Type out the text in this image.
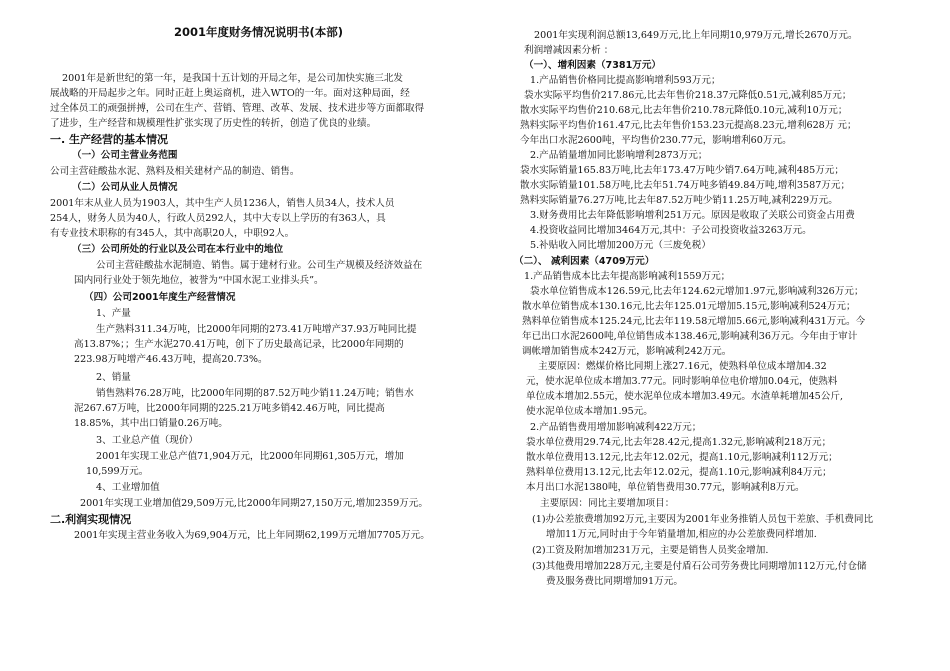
2001年度财务情况说明书(本部)
2001年是新世纪的第一年，是我国十五计划的开局之年，是公司加快实施三北发
展战略的开局起步之年。同时正赶上奥运商机，进入WTO的一年。面对这种局面，经
过全体员工的顽强拼搏，公司在生产、营销、管理、改革、发展、技术进步等方面都取得
了进步，生产经营和规模理性扩张实现了历史性的转折，创造了优良的业绩。
一. 生产经营的基本情况
（一）公司主营业务范围
公司主营硅酸盐水泥、熟料及相关建材产品的制造、销售。
（二）公司从业人员情况
2001年末从业人员为1903人，其中生产人员1236人，销售人员34人，技术人员
254人，财务人员为40人，行政人员292人，其中大专以上学历的有363人，具
有专业技术职称的有345人，其中高职20人，中职92人。
（三）公司所处的行业以及公司在本行业中的地位
公司主营硅酸盐水泥制造、销售。属于建材行业。公司生产规模及经济效益在
国内同行业处于领先地位，被誉为“中国水泥工业排头兵”。
（四）公司2001年度生产经营情况
1、产量
生产熟料311.34万吨，比2000年同期的273.41万吨增产37.93万吨同比提
高13.87%；；生产水泥270.41万吨，创下了历史最高记录，比2000年同期的
223.98万吨增产46.43万吨，提高20.73%。
2、销量
销售熟料76.28万吨，比2000年同期的87.52万吨少销11.24万吨；销售水
泥267.67万吨，比2000年同期的225.21万吨多销42.46万吨，同比提高
18.85%，其中出口销量0.26万吨。
3、工业总产值（现价）
2001年实现工业总产值71,904万元，比2000年同期61,305万元，增加
10,599万元。
4、工业增加值
2001年实现工业增加值29,509万元,比2000年同期27,150万元,增加2359万元。
二.利润实现情况
2001年实现主营业务收入为69,904万元，比上年同期62,199万元增加7705万元。
2001年实现利润总额13,649万元,比上年同期10,979万元,增长2670万元。
利润增减因素分析 ：
（一）、增利因素（7381万元）
1.产品销售价格同比提高影响增利593万元；
袋水实际平均售价217.86元,比去年售价218.37元降低0.51元,减利85万元；
散水实际平均售价210.68元,比去年售价210.78元降低0.10元,减利10万元；
熟料实际平均售价161.47元,比去年售价153.23元提高8.23元,增利628万 元；
今年出口水泥2600吨，平均售价230.77元，影响增利60万元。
2.产品销量增加同比影响增利2873万元；
袋水实际销量165.83万吨,比去年173.47万吨少销7.64万吨,减利485万元；
散水实际销量101.58万吨,比去年51.74万吨多销49.84万吨,增利3587万元；
熟料实际销量76.27万吨,比去年87.52万吨少销11.25万吨,减利229万元。
3.财务费用比去年降低影响增利251万元。原因是收取了关联公司资金占用费
4.投资收益同比增加3464万元,其中：子公司投资收益3263万元。
5.补贴收入同比增加200万元（三废免税）
（二）、 减利因素（4709万元）
1.产品销售成本比去年提高影响减利1559万元；
袋水单位销售成本126.59元,比去年124.62元增加1.97元,影响减利326万元；
散水单位销售成本130.16元,比去年125.01元增加5.15元,影响减利524万元；
熟料单位销售成本125.24元,比去年119.58元增加5.66元,影响减利431万元。今
年已出口水泥2600吨,单位销售成本138.46元,影响减利36万元。今年由于审计
调帐增加销售成本242万元，影响减利242万元。
主要原因：燃煤价格比同期上涨27.16元，使熟料单位成本增加4.32
元，使水泥单位成本增加3.77元。同时影响单位电价增加0.04元，使熟料
单位成本增加2.55元，使水泥单位成本增加3.49元。水渣单耗增加45公斤,
使水泥单位成本增加1.95元。
2.产品销售费用增加影响减利422万元；
袋水单位费用29.74元,比去年28.42元,提高1.32元,影响减利218万元；
散水单位费用13.12元,比去年12.02元，提高1.10元,影响减利112万元；
熟料单位费用13.12元,比去年12.02元，提高1.10元,影响减利84万元；
本月出口水泥1380吨，单位销售费用30.77元，影响减利8万元。
主要原因：同比主要增加项目：
(1)办公差旅费增加92万元,主要因为2001年业务推销人员包干差旅、手机费同比
增加11万元,同时由于今年销量增加,相应的办公差旅费同样增加.
(2)工资及附加增加231万元，主要是销售人员奖金增加.
(3)其他费用增加228万元,主要是付盾石公司劳务费比同期增加112万元,付仓储
费及服务费比同期增加91万元。
